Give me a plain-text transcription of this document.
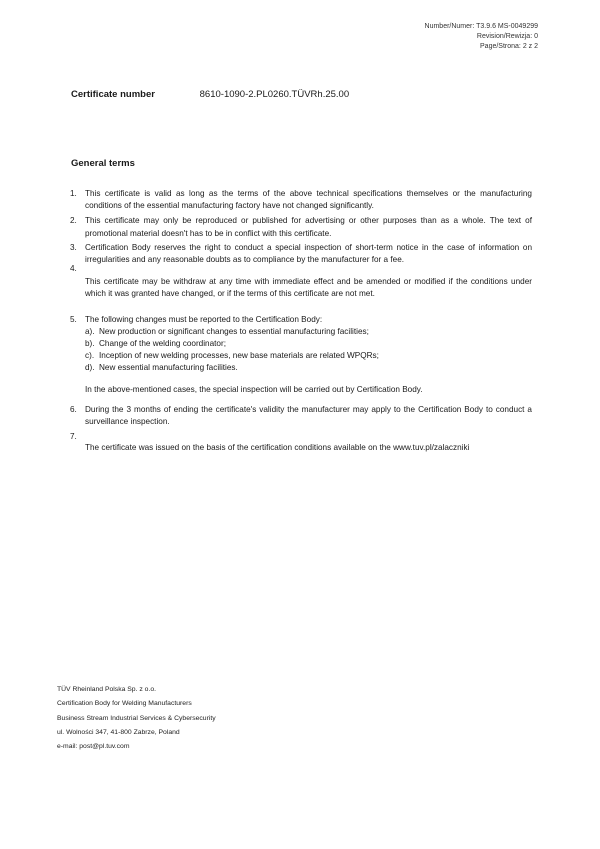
Number/Numer: T3.9.6 MS-0049299
Revision/Rewizja: 0
Page/Strona: 2 z 2
Certificate number	8610-1090-2.PL0260.TÜVRh.25.00
General terms
1. This certificate is valid as long as the terms of the above technical specifications themselves or the manufacturing conditions of the essential manufacturing factory have not changed significantly.
2. This certificate may only be reproduced or published for advertising or other purposes than as a whole. The text of promotional material doesn't has to be in conflict with this certificate.
3. Certification Body reserves the right to conduct a special inspection of short-term notice in the case of information on irregularities and any reasonable doubts as to compliance by the manufacturer for a fee.
4.
This certificate may be withdraw at any time with immediate effect and be amended or modified if the conditions under which it was granted have changed, or if the terms of this certificate are not met.
5. The following changes must be reported to the Certification Body:
a). New production or significant changes to essential manufacturing facilities;
b). Change of the welding coordinator;
c). Inception of new welding processes, new base materials are related WPQRs;
d). New essential manufacturing facilities.
In the above-mentioned cases, the special inspection will be carried out by Certification Body.
6. During the 3 months of ending the certificate's validity the manufacturer may apply to the Certification Body to conduct a surveillance inspection.
7.
The certificate was issued on the basis of the certification conditions available on the www.tuv.pl/zalaczniki
TÜV Rheinland Polska Sp. z o.o.
Certification Body for Welding Manufacturers
Business Stream Industrial Services & Cybersecurity
ul. Wolności 347, 41-800 Zabrze, Poland
e-mail: post@pl.tuv.com
